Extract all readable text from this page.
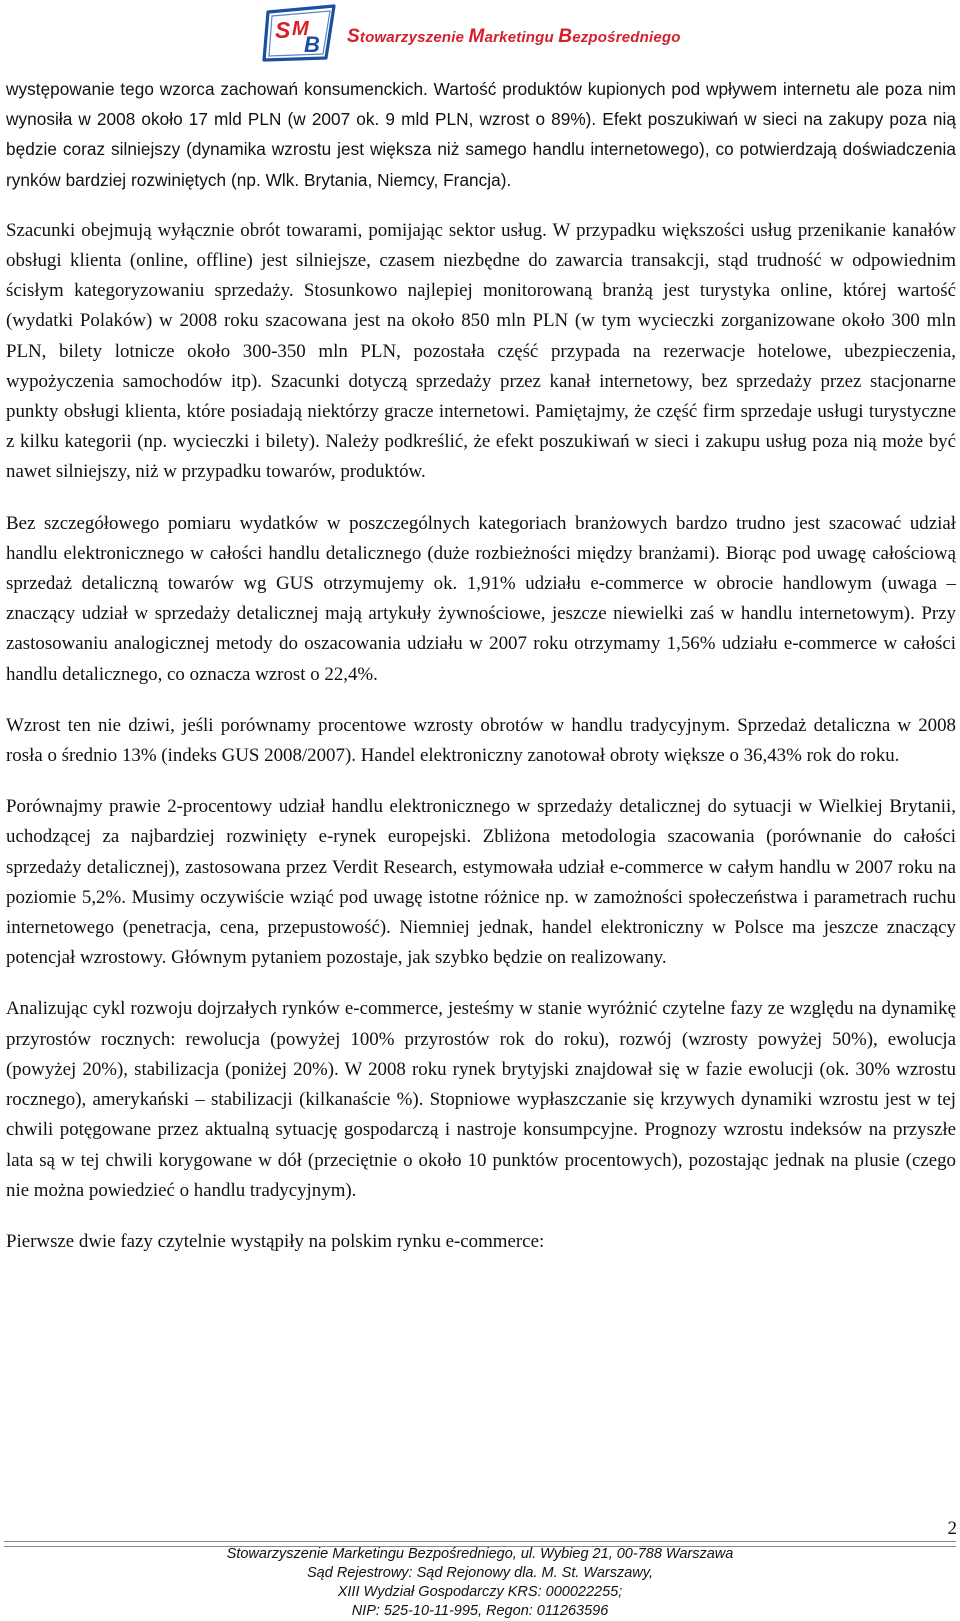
S M
B Stowarzyszenie Marketingu Bezpośredniego

występowanie tego wzorca zachowań konsumenckich. Wartość produktów kupionych pod wpływem internetu ale poza nim wynosiła w 2008 około 17 mld PLN (w 2007 ok. 9 mld PLN, wzrost o 89%). Efekt poszukiwań w sieci na zakupy poza nią będzie coraz silniejszy (dynamika wzrostu jest większa niż samego handlu internetowego), co potwierdzają doświadczenia rynków bardziej rozwiniętych (np. Wlk. Brytania, Niemcy, Francja).

Szacunki obejmują wyłącznie obrót towarami, pomijając sektor usług. W przypadku większości usług przenikanie kanałów obsługi klienta (online, offline) jest silniejsze, czasem niezbędne do zawarcia transakcji, stąd trudność w odpowiednim ścisłym kategoryzowaniu sprzedaży. Stosunkowo najlepiej monitorowaną branżą jest turystyka online, której wartość (wydatki Polaków) w 2008 roku szacowana jest na około 850 mln PLN (w tym wycieczki zorganizowane około 300 mln PLN, bilety lotnicze około 300-350 mln PLN, pozostała część przypada na rezerwacje hotelowe, ubezpieczenia, wypożyczenia samochodów itp). Szacunki dotyczą sprzedaży przez kanał internetowy, bez sprzedaży przez stacjonarne punkty obsługi klienta, które posiadają niektórzy gracze internetowi. Pamiętajmy, że część firm sprzedaje usługi turystyczne z kilku kategorii (np. wycieczki i bilety). Należy podkreślić, że efekt poszukiwań w sieci i zakupu usług poza nią może być nawet silniejszy, niż w przypadku towarów, produktów.

Bez szczegółowego pomiaru wydatków w poszczególnych kategoriach branżowych bardzo trudno jest szacować udział handlu elektronicznego w całości handlu detalicznego (duże rozbieżności między branżami). Biorąc pod uwagę całościową sprzedaż detaliczną towarów wg GUS otrzymujemy ok. 1,91% udziału e-commerce w obrocie handlowym (uwaga – znaczący udział w sprzedaży detalicznej mają artykuły żywnościowe, jeszcze niewielki zaś w handlu internetowym). Przy zastosowaniu analogicznej metody do oszacowania udziału w 2007 roku otrzymamy 1,56% udziału e-commerce w całości handlu detalicznego, co oznacza wzrost o 22,4%.

Wzrost ten nie dziwi, jeśli porównamy procentowe wzrosty obrotów w handlu tradycyjnym. Sprzedaż detaliczna w 2008 rosła o średnio 13% (indeks GUS 2008/2007). Handel elektroniczny zanotował obroty większe o 36,43% rok do roku.

Porównajmy prawie 2-procentowy udział handlu elektronicznego w sprzedaży detalicznej do sytuacji w Wielkiej Brytanii, uchodzącej za najbardziej rozwinięty e-rynek europejski. Zbliżona metodologia szacowania (porównanie do całości sprzedaży detalicznej), zastosowana przez Verdit Research, estymowała udział e-commerce w całym handlu w 2007 roku na poziomie 5,2%. Musimy oczywiście wziąć pod uwagę istotne różnice np. w zamożności społeczeństwa i parametrach ruchu internetowego (penetracja, cena, przepustowość). Niemniej jednak, handel elektroniczny w Polsce ma jeszcze znaczący potencjał wzrostowy. Głównym pytaniem pozostaje, jak szybko będzie on realizowany.

Analizując cykl rozwoju dojrzałych rynków e-commerce, jesteśmy w stanie wyróżnić czytelne fazy ze względu na dynamikę przyrostów rocznych: rewolucja (powyżej 100% przyrostów rok do roku), rozwój (wzrosty powyżej 50%), ewolucja (powyżej 20%), stabilizacja (poniżej 20%). W 2008 roku rynek brytyjski znajdował się w fazie ewolucji (ok. 30% wzrostu rocznego), amerykański – stabilizacji (kilkanaście %). Stopniowe wypłaszczanie się krzywych dynamiki wzrostu jest w tej chwili potęgowane przez aktualną sytuację gospodarczą i nastroje konsumpcyjne. Prognozy wzrostu indeksów na przyszłe lata są w tej chwili korygowane w dół (przeciętnie o około 10 punktów procentowych), pozostając jednak na plusie (czego nie można powiedzieć o handlu tradycyjnym).

Pierwsze dwie fazy czytelnie wystąpiły na polskim rynku e-commerce:

2
Stowarzyszenie Marketingu Bezpośredniego, ul. Wybieg 21, 00-788 Warszawa
Sąd Rejestrowy: Sąd Rejonowy dla. M. St. Warszawy,
XIII Wydział Gospodarczy KRS: 000022255;
NIP: 525-10-11-995, Regon: 011263596
